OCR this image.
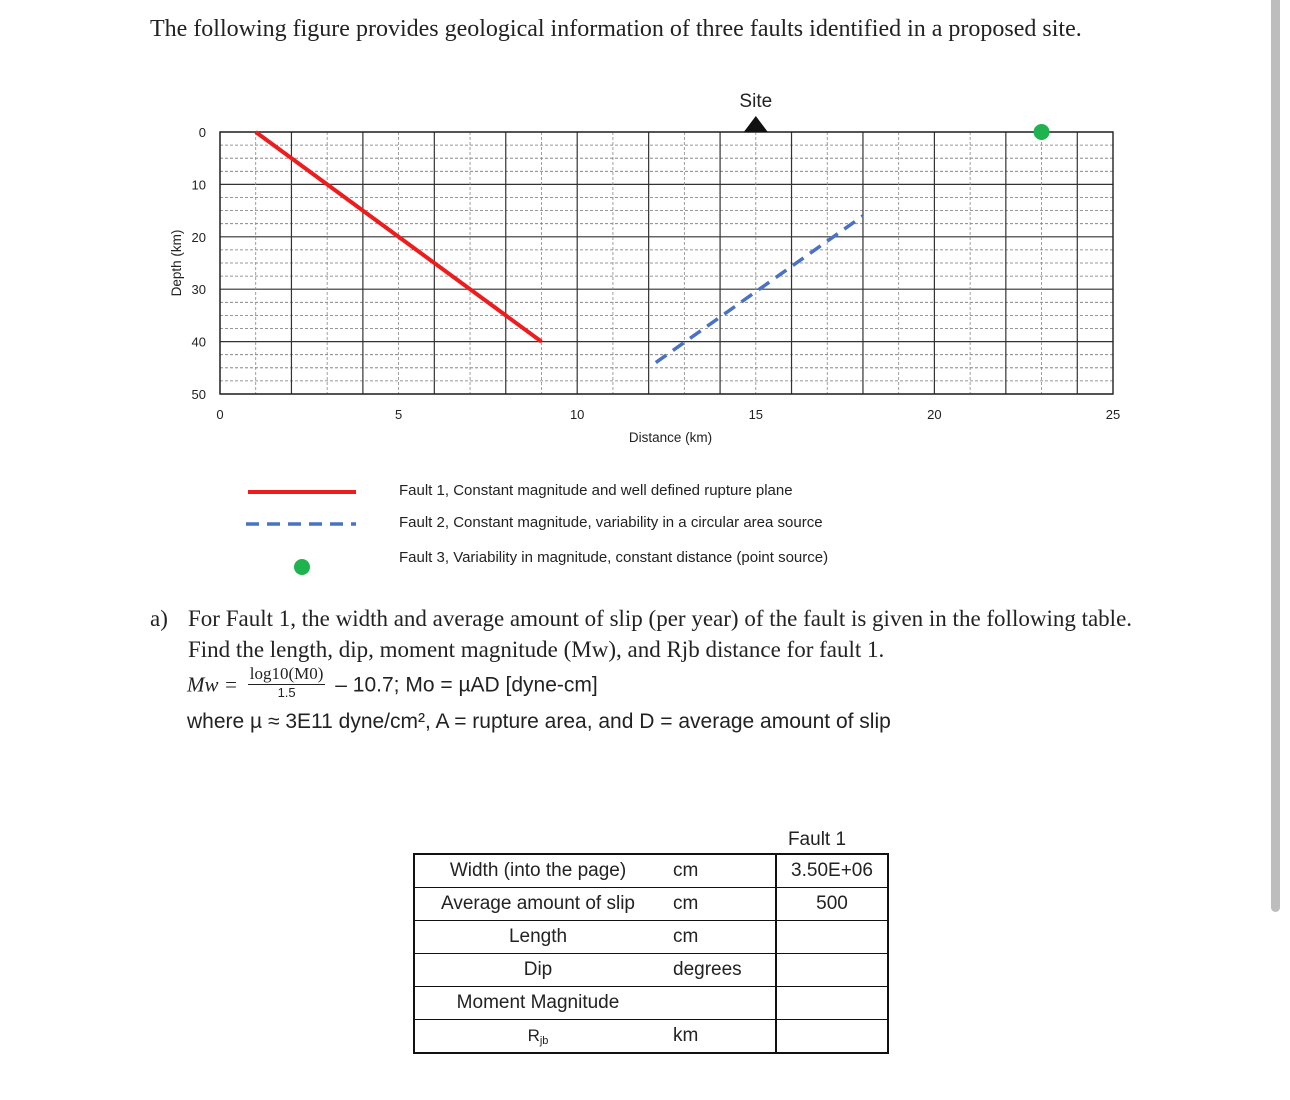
The following figure provides geological information of three faults identified in a proposed site.
0
10
20
30
40
50
0	5	10	15	20	25
Distance (km)
Depth (km)
Site
Fault 1, Constant magnitude and well defined rupture plane
Fault 2, Constant magnitude, variability in a circular area source
Fault 3, Variability in magnitude, constant distance (point source)
a) For Fault 1, the width and average amount of slip (per year) of the fault is given in the following table. Find the length, dip, moment magnitude (Mw), and Rjb distance for fault 1.
Mw = log10(M0)
1.5	– 10.7; Mo = µAD [dyne-cm]
where µ ≈ 3E11 dyne/cm², A = rupture area, and D = average amount of slip
Fault 1
Width (into the page)	cm	3.50E+06
Average amount of slip	cm	500
Length	cm	
Dip	degrees	
Moment Magnitude		
Rjb	km	
